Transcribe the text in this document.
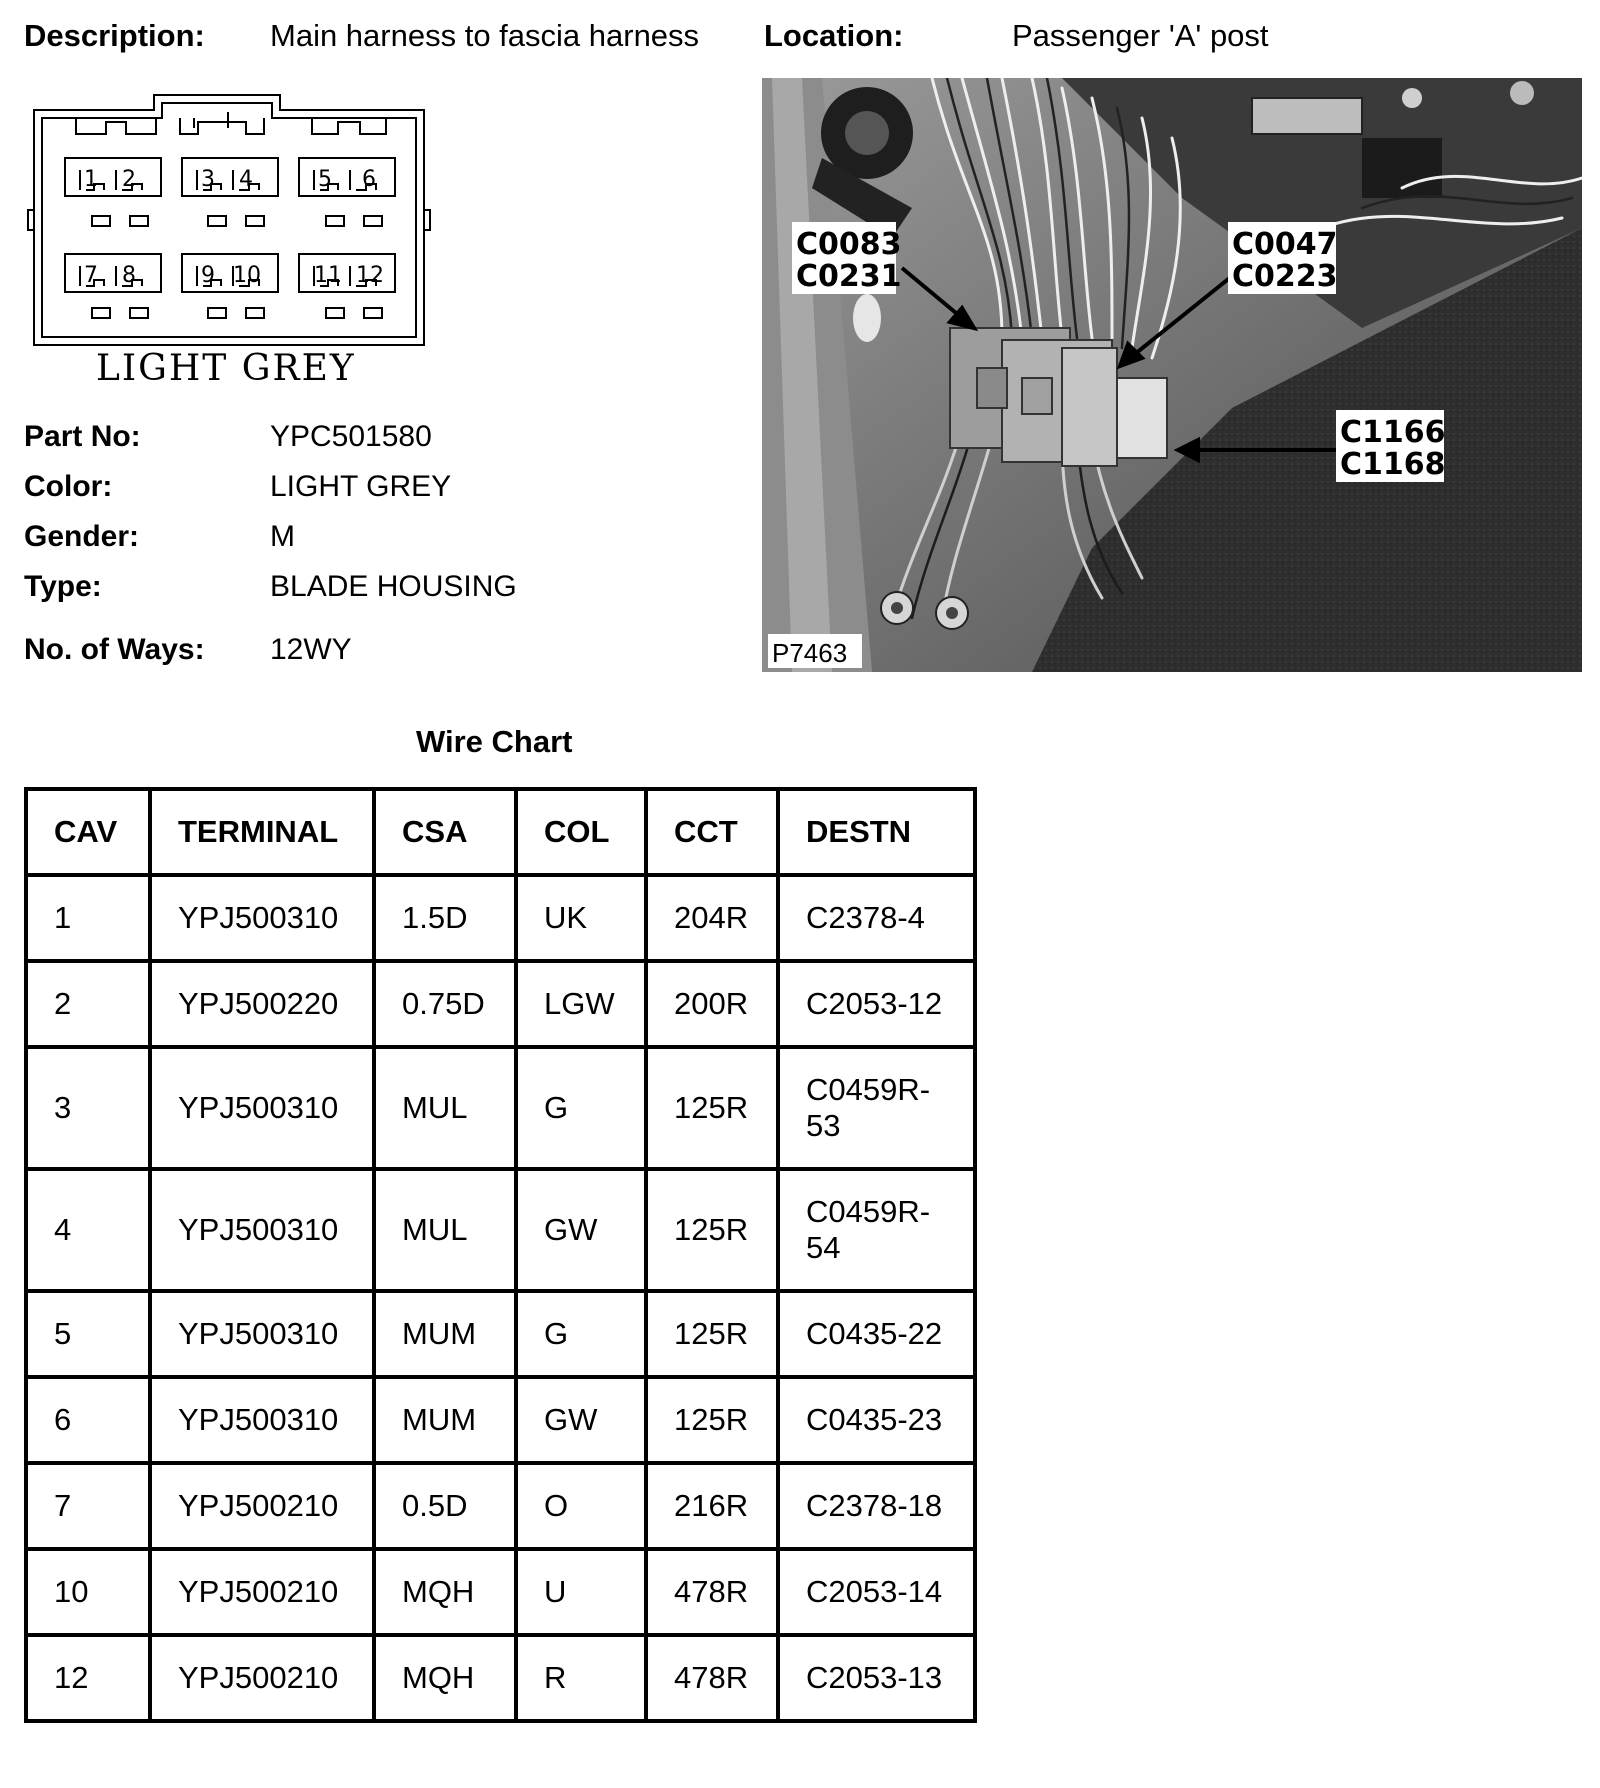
Description: Main harness to fascia harness Location:	Passenger 'A' post
1 2	3 4	5 6
7 8	9 10 11 12
LIGHT GREY
Part No:	YPC501580
Color:	LIGHT GREY
Gender:	M
Type:	BLADE HOUSING
No. of Ways: 12WY
C0083
C0231
C0047
C0223
C1166
C1168
P7463
Wire Chart
CAV	TERMINAL	CSA	COL	CCT	DESTN
1	YPJ500310	1.5D	UK	204R	C2378-4
2	YPJ500220	0.75D	LGW	200R	C2053-12
3	YPJ500310	MUL	G	125R	C0459R-53
4	YPJ500310	MUL	GW	125R	C0459R-54
5	YPJ500310	MUM	G	125R	C0435-22
6	YPJ500310	MUM	GW	125R	C0435-23
7	YPJ500210	0.5D	O	216R	C2378-18
10	YPJ500210	MQH	U	478R	C2053-14
12	YPJ500210	MQH	R	478R	C2053-13
